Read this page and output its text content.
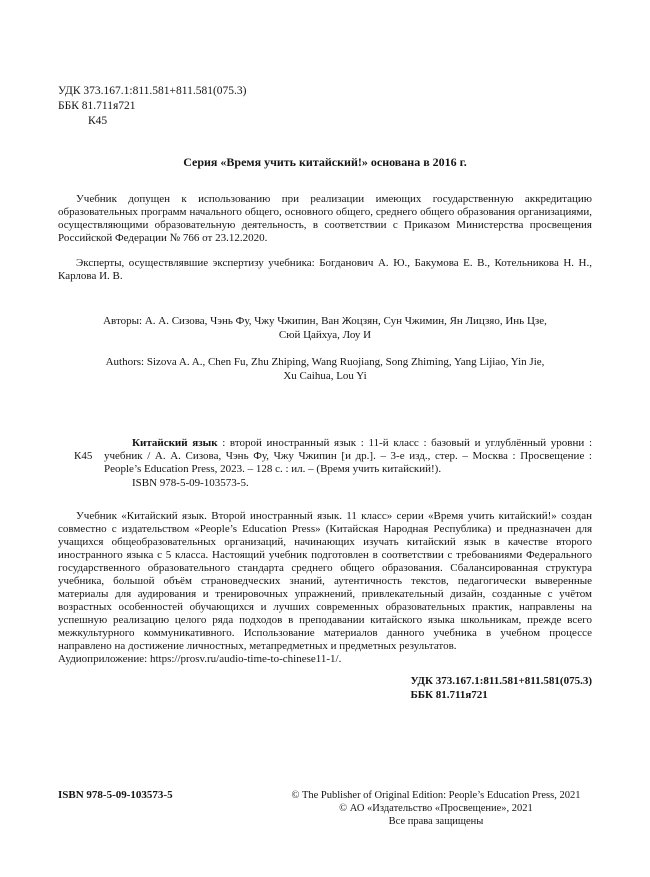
УДК 373.167.1:811.581+811.581(075.3)

ББК 81.711я721

К45

Серия «Время учить китайский!» основана в 2016 г.

Учебник допущен к использованию при реализации имеющих государственную аккредитацию образовательных программ начального общего, основного общего, среднего общего образования организациями, осуществляющими образовательную деятельность, в соответствии с Приказом Министерства просвещения Российской Федерации № 766 от 23.12.2020.

Эксперты, осуществлявшие экспертизу учебника: Богданович А. Ю., Бакумова Е. В., Котельникова Н. Н., Карлова И. В.

Авторы: А. А. Сизова, Чэнь Фу, Чжу Чжипин, Ван Жоцзян, Сун Чжимин, Ян Лицзяо, Инь Цзе, Сюй Цайхуа, Лоу И

Authors: Sizova A. A., Chen Fu, Zhu Zhiping, Wang Ruojiang, Song Zhiming, Yang Lijiao, Yin Jie, Xu Caihua, Lou Yi

К45

Китайский язык : второй иностранный язык : 11-й класс : базовый и углублённый уровни : учебник / А. А. Сизова, Чэнь Фу, Чжу Чжипин [и др.]. – 3-е изд., стер. – Москва : Просвещение : People’s Education Press, 2023. – 128 с. : ил. – (Время учить китайский!).

ISBN 978-5-09-103573-5.

Учебник «Китайский язык. Второй иностранный язык. 11 класс» серии «Время учить китайский!» создан совместно с издательством «People’s Education Press» (Китайская Народная Республика) и предназначен для учащихся общеобразовательных организаций, начинающих изучать китайский язык в качестве второго иностранного языка с 5 класса. Настоящий учебник подготовлен в соответствии с требованиями Федерального государственного образовательного стандарта среднего общего образования. Сбалансированная структура учебника, большой объём страноведческих знаний, аутентичность текстов, педагогически выверенные материалы для аудирования и тренировочных упражнений, привлекательный дизайн, созданные с учётом возрастных особенностей обучающихся и лучших современных образовательных практик, направлены на успешную реализацию целого ряда подходов в преподавании китайского языка школьникам, прежде всего межкультурного коммуникативного. Использование материалов данного учебника в учебном процессе направлено на достижение личностных, метапредметных и предметных результатов.

Аудиоприложение: https://prosv.ru/audio-time-to-chinese11-1/.

УДК 373.167.1:811.581+811.581(075.3)

ББК 81.711я721

ISBN 978-5-09-103573-5	© The Publisher of Original Edition: People’s Education Press, 2021

© АО «Издательство «Просвещение», 2021

Все права защищены
